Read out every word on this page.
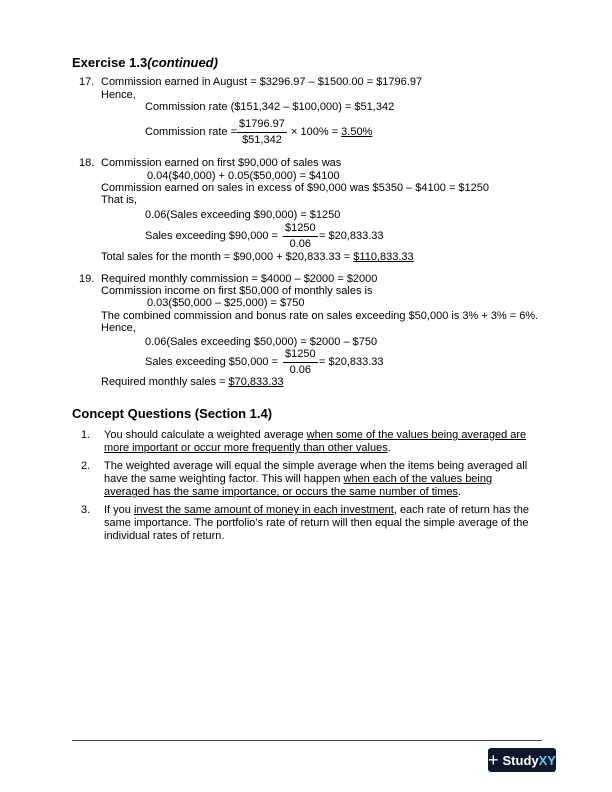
Exercise 1.3(continued)
17. Commission earned in August = $3296.97 – $1500.00 = $1796.97
Hence,
Commission rate ($151,342 – $100,000) = $51,342
Commission rate = $\frac{\$1796.97}{\$51,342} \times 100\% = 3.50\%$
18. Commission earned on first $90,000 of sales was
0.04($40,000) + 0.05($50,000) = $4100
Commission earned on sales in excess of $90,000 was $5350 – $4100 = $1250
That is,
0.06(Sales exceeding $90,000) = $1250
Sales exceeding $90,000 = $\frac{\$1250}{0.06}$ = $20,833.33
Total sales for the month = $90,000 + $20,833.33 = $110,833.33
19. Required monthly commission = $4000 – $2000 = $2000
Commission income on first $50,000 of monthly sales is
0.03($50,000 – $25,000) = $750
The combined commission and bonus rate on sales exceeding $50,000 is 3% + 3% = 6%.
Hence,
0.06(Sales exceeding $50,000) = $2000 – $750
Sales exceeding $50,000 = $\frac{\$1250}{0.06}$ = $20,833.33
Required monthly sales = $70,833.33
Concept Questions (Section 1.4)
1. You should calculate a weighted average when some of the values being averaged are more important or occur more frequently than other values.
2. The weighted average will equal the simple average when the items being averaged all have the same weighting factor. This will happen when each of the values being averaged has the same importance, or occurs the same number of times.
3. If you invest the same amount of money in each investment, each rate of return has the same importance. The portfolio’s rate of return will then equal the simple average of the individual rates of return.
+ Study XY
